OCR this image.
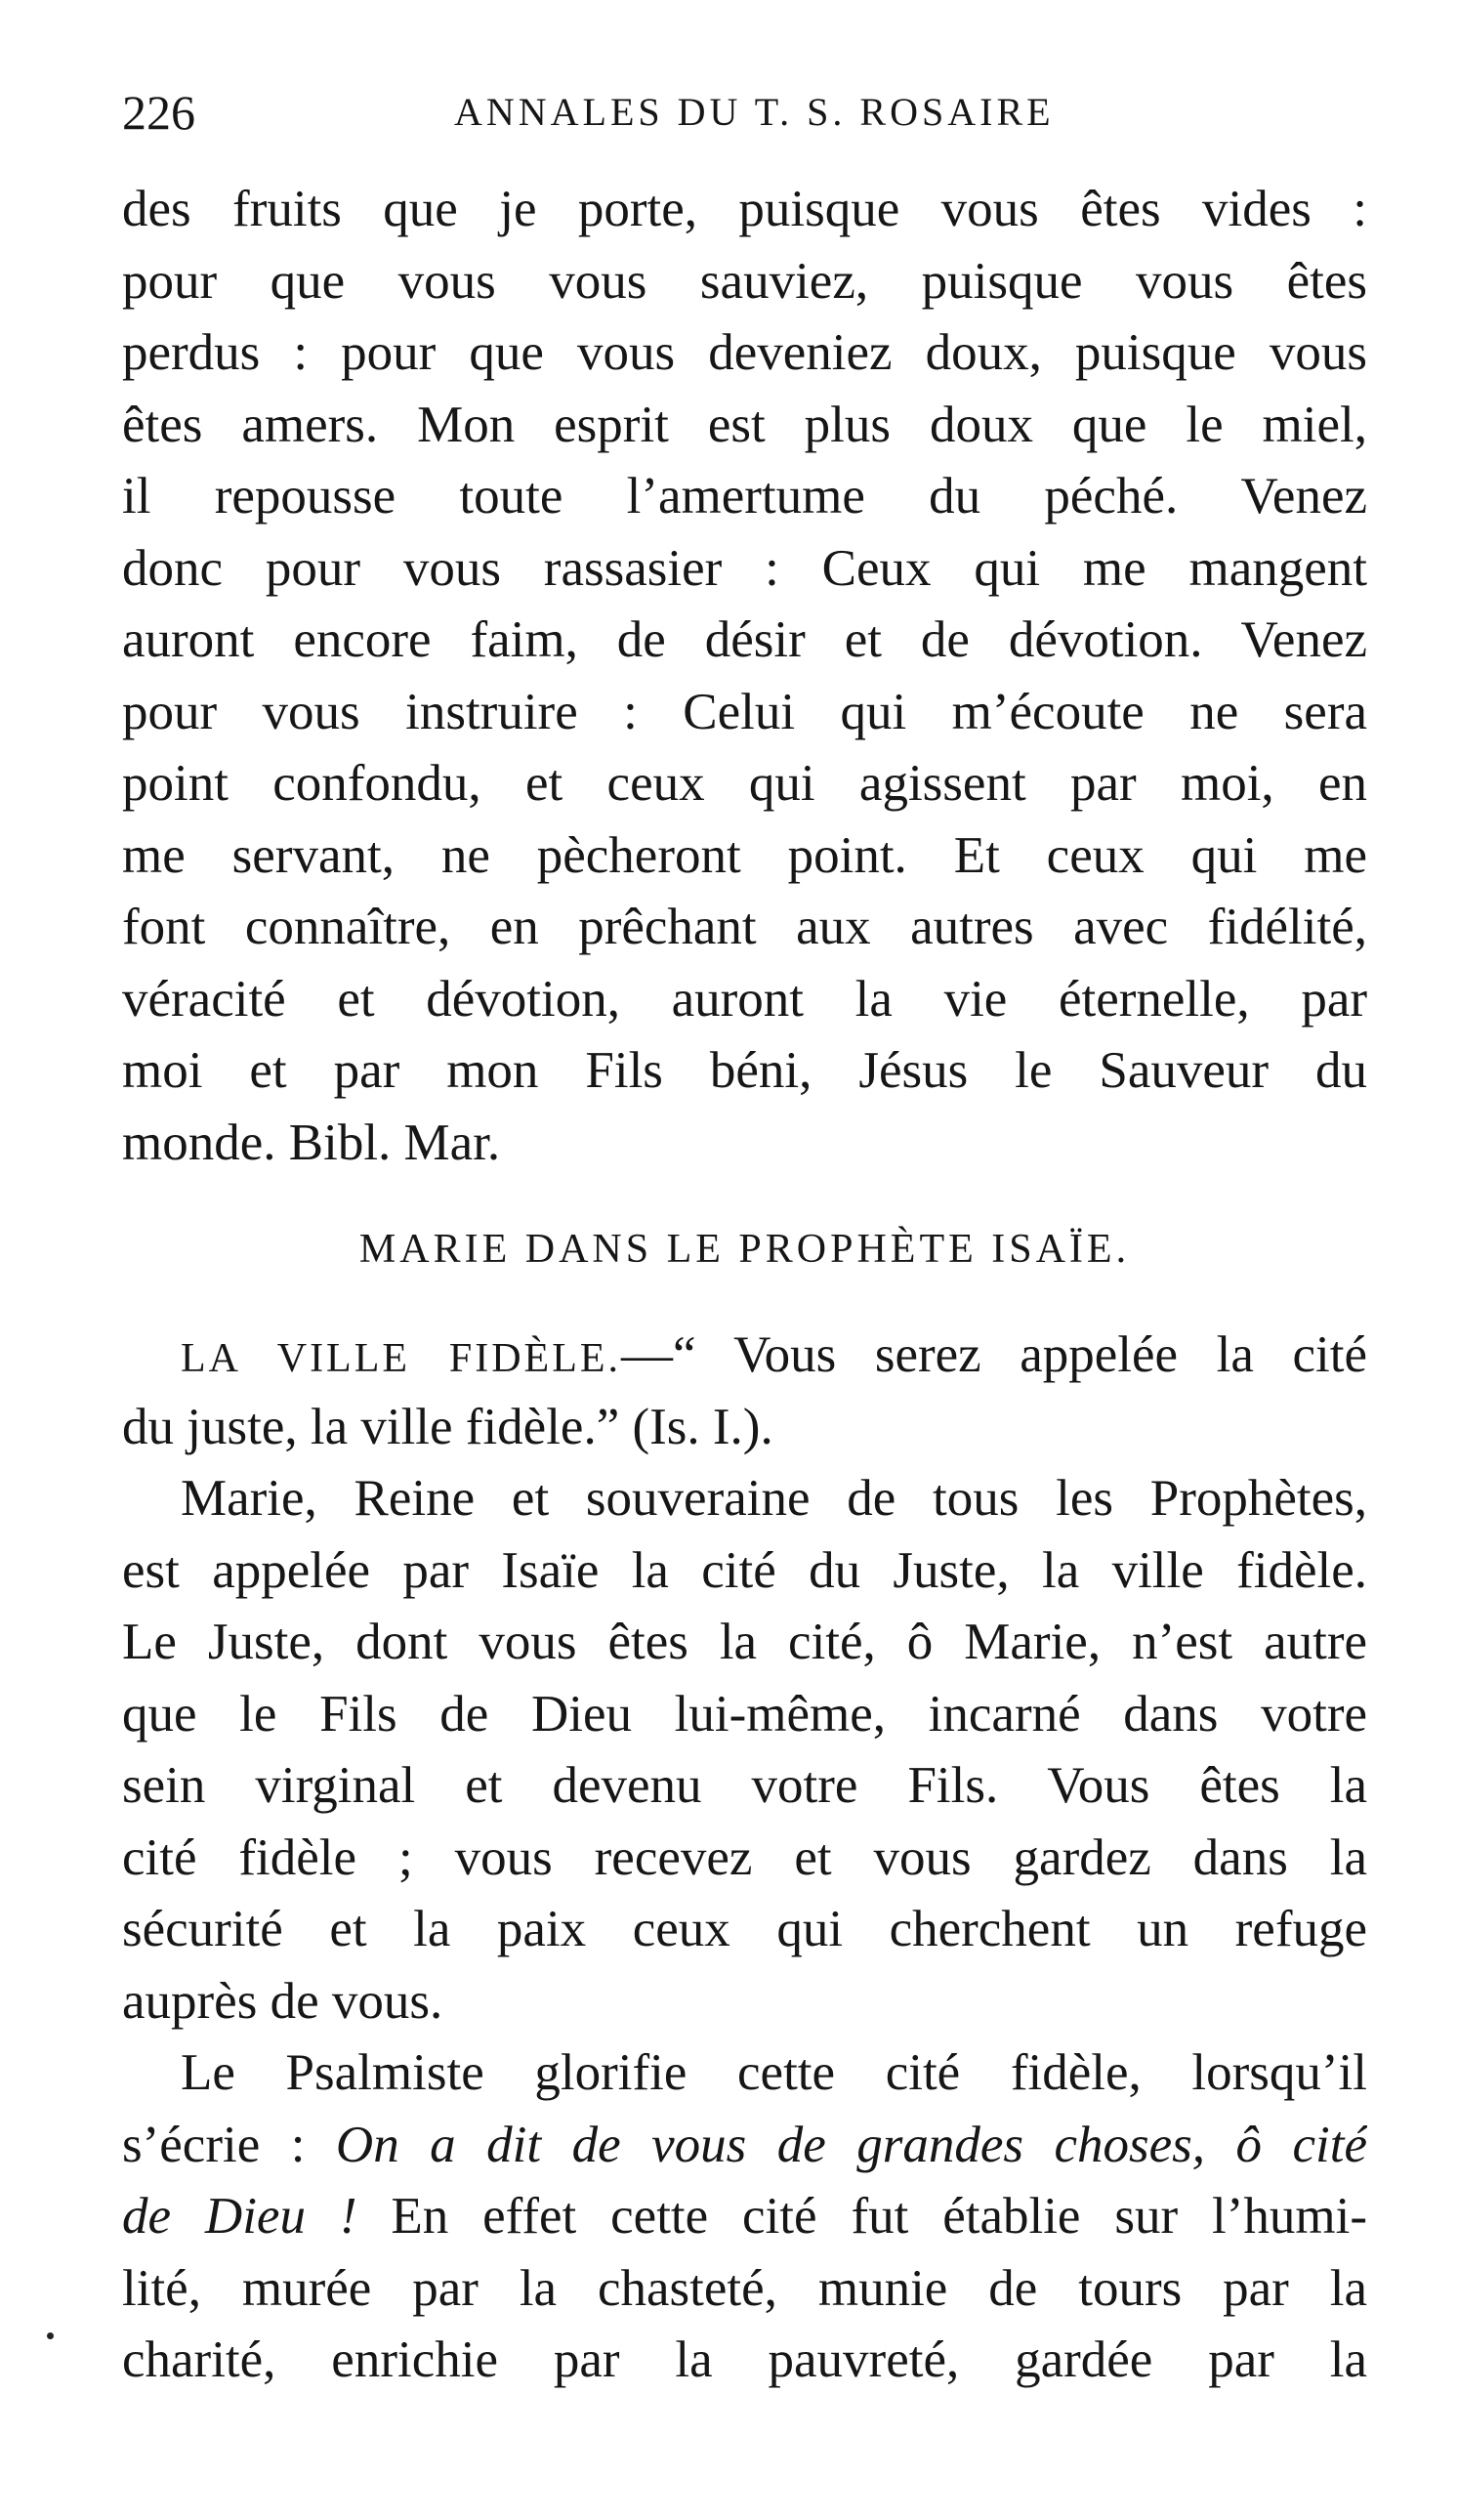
226	ANNALES DU T. S. ROSAIRE
des fruits que je porte, puisque vous êtes vides :
pour que vous vous sauviez, puisque vous êtes
perdus : pour que vous deveniez doux, puisque vous
êtes amers. Mon esprit est plus doux que le miel,
il repousse toute l’amertume du péché. Venez
donc pour vous rassasier : Ceux qui me mangent
auront encore faim, de désir et de dévotion. Venez
pour vous instruire : Celui qui m’écoute ne sera
point confondu, et ceux qui agissent par moi, en
me servant, ne pècheront point. Et ceux qui me
font connaître, en prêchant aux autres avec fidélité,
véracité et dévotion, auront la vie éternelle, par
moi et par mon Fils béni, Jésus le Sauveur du
monde. Bibl. Mar.
MARIE DANS LE PROPHÈTE ISAÏE.
LA VILLE FIDÈLE.—“ Vous serez appelée la cité
du juste, la ville fidèle.” (Is. I.).
Marie, Reine et souveraine de tous les Prophètes,
est appelée par Isaïe la cité du Juste, la ville fidèle.
Le Juste, dont vous êtes la cité, ô Marie, n’est autre
que le Fils de Dieu lui-même, incarné dans votre
sein virginal et devenu votre Fils. Vous êtes la
cité fidèle ; vous recevez et vous gardez dans la
sécurité et la paix ceux qui cherchent un refuge
auprès de vous.
Le Psalmiste glorifie cette cité fidèle, lorsqu’il
s’écrie : On a dit de vous de grandes choses, ô cité
de Dieu ! En effet cette cité fut établie sur l’humi-
lité, murée par la chasteté, munie de tours par la
charité, enrichie par la pauvreté, gardée par la
